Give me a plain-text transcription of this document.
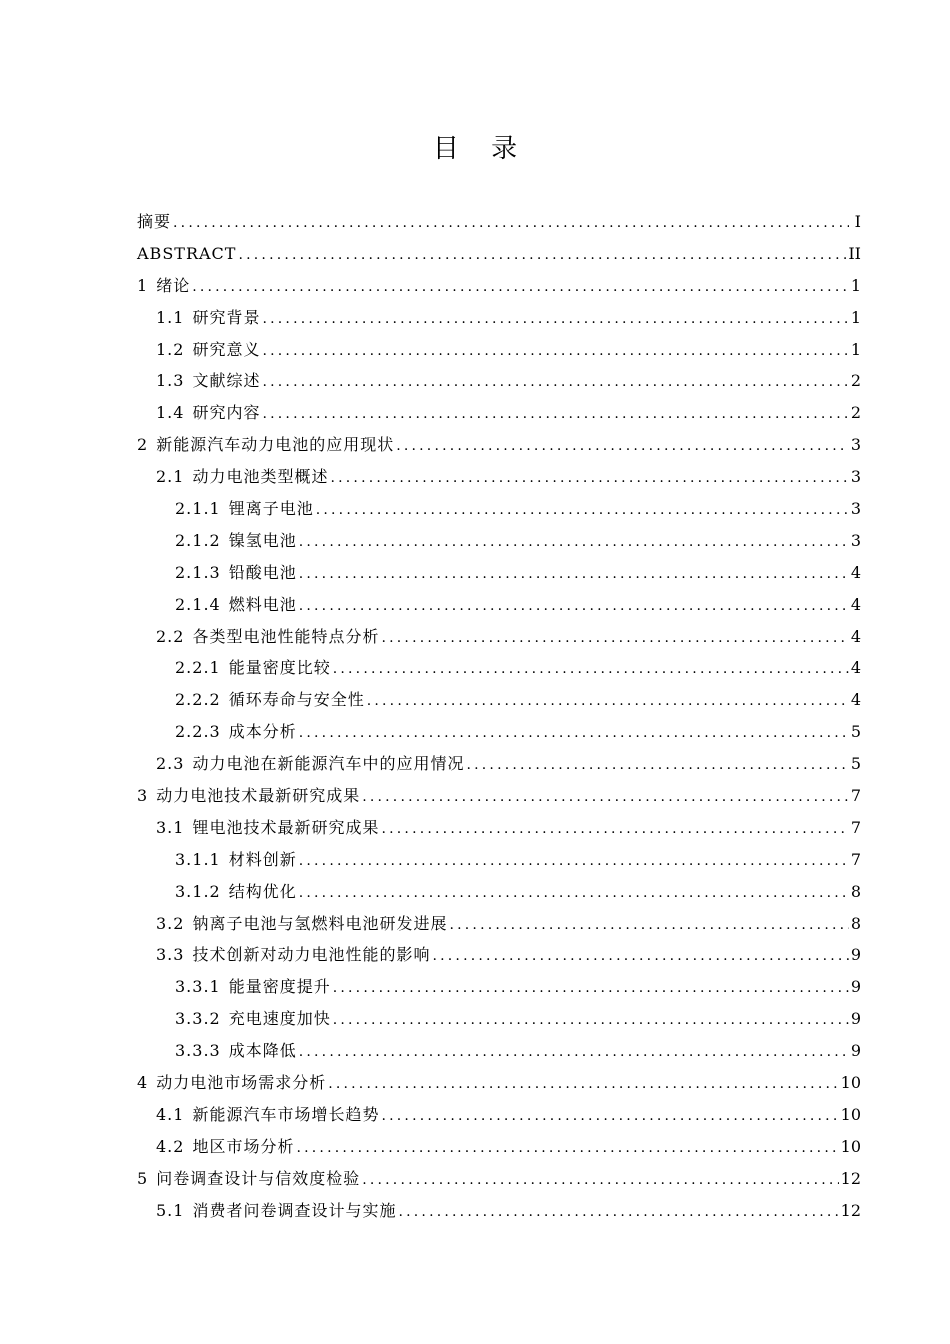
目 录
摘要 .....	I
ABSTRACT .....	II
1 绪论 .....	1
1.1 研究背景 .....	1
1.2 研究意义 .....	1
1.3 文献综述 .....	2
1.4 研究内容 .....	2
2 新能源汽车动力电池的应用现状 .....	3
2.1 动力电池类型概述 .....	3
2.1.1 锂离子电池 .....	3
2.1.2 镍氢电池 .....	3
2.1.3 铅酸电池 .....	4
2.1.4 燃料电池 .....	4
2.2 各类型电池性能特点分析 .....	4
2.2.1 能量密度比较 .....	4
2.2.2 循环寿命与安全性 .....	4
2.2.3 成本分析 .....	5
2.3 动力电池在新能源汽车中的应用情况 .....	5
3 动力电池技术最新研究成果 .....	7
3.1 锂电池技术最新研究成果 .....	7
3.1.1 材料创新 .....	7
3.1.2 结构优化 .....	8
3.2 钠离子电池与氢燃料电池研发进展 .....	8
3.3 技术创新对动力电池性能的影响 .....	9
3.3.1 能量密度提升 .....	9
3.3.2 充电速度加快 .....	9
3.3.3 成本降低 .....	9
4 动力电池市场需求分析 .....	10
4.1 新能源汽车市场增长趋势 .....	10
4.2 地区市场分析 .....	10
5 问卷调查设计与信效度检验 .....	12
5.1 消费者问卷调查设计与实施 .....	12
